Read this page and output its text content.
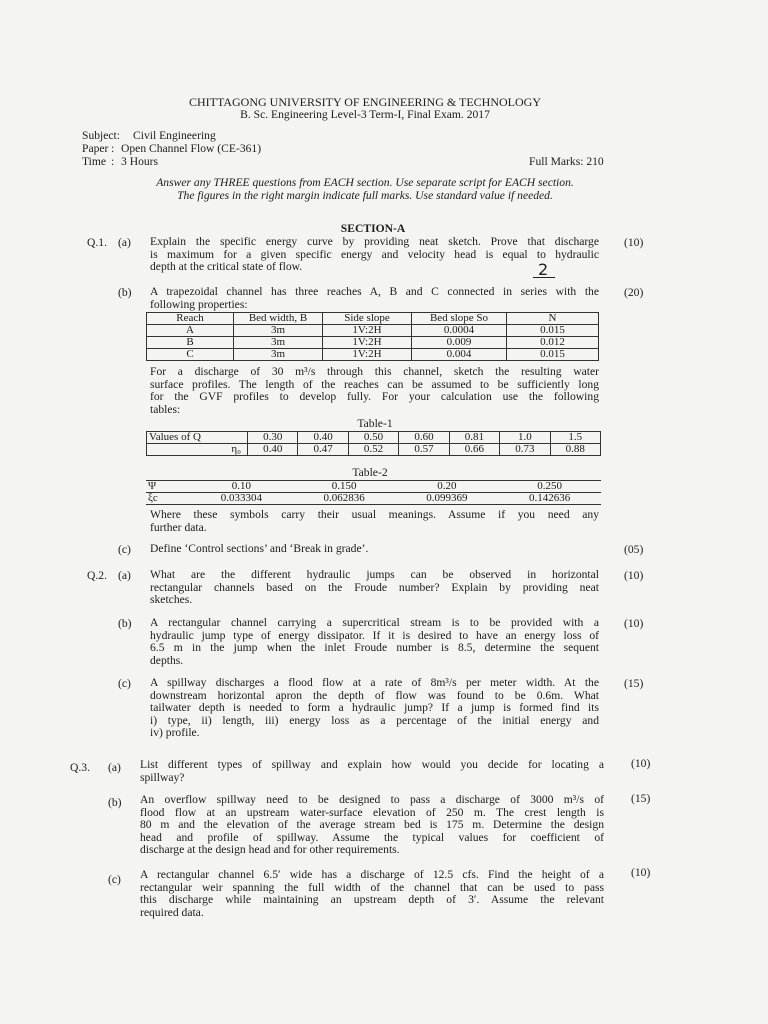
CHITTAGONG UNIVERSITY OF ENGINEERING & TECHNOLOGY
B. Sc. Engineering Level-3 Term-I, Final Exam. 2017
Subject: Civil Engineering
Paper : Open Channel Flow (CE-361)
Time : 3 Hours	Full Marks: 210
Answer any THREE questions from EACH section. Use separate script for EACH section.
The figures in the right margin indicate full marks. Use standard value if needed.
SECTION-A
Q.1. (a) Explain the specific energy curve by providing neat sketch. Prove that discharge
is maximum for a given specific energy and velocity head is equal to hydraulic
depth at the critical state of flow.
(10)
2
(b) A trapezoidal channel has three reaches A, B and C connected in series with the
following properties:
(20)
Reach	Bed width, B	Side slope	Bed slope So	N
A	3m	1V:2H	0.0004	0.015
B	3m	1V:2H	0.009	0.012
C	3m	1V:2H	0.004	0.015
For a discharge of 30 m³/s through this channel, sketch the resulting water
surface profiles. The length of the reaches can be assumed to be sufficiently long
for the GVF profiles to develop fully. For your calculation use the following
tables:
Table-1
Values of Q	0.30	0.40	0.50	0.60	0.81	1.0	1.5
η₀	0.40	0.47	0.52	0.57	0.66	0.73	0.88
Table-2
Ψ	0.10	0.150	0.20	0.250
ξc	0.033304	0.062836	0.099369	0.142636
Where these symbols carry their usual meanings. Assume if you need any
further data.
(c) Define ‘Control sections’ and ‘Break in grade’.	(05)
Q.2. (a) What are the different hydraulic jumps can be observed in horizontal
rectangular channels based on the Froude number? Explain by providing neat
sketches.
(10)
(b) A rectangular channel carrying a supercritical stream is to be provided with a
hydraulic jump type of energy dissipator. If it is desired to have an energy loss of
6.5 m in the jump when the inlet Froude number is 8.5, determine the sequent
depths.
(10)
(c) A spillway discharges a flood flow at a rate of 8m³/s per meter width. At the
downstream horizontal apron the depth of flow was found to be 0.6m. What
tailwater depth is needed to form a hydraulic jump? If a jump is formed find its
i) type, ii) length, iii) energy loss as a percentage of the initial energy and
iv) profile.
(15)
Q.3. (a) List different types of spillway and explain how would you decide for locating a
spillway?
(10)
(b) An overflow spillway need to be designed to pass a discharge of 3000 m³/s of
flood flow at an upstream water-surface elevation of 250 m. The crest length is
80 m and the elevation of the average stream bed is 175 m. Determine the design
head and profile of spillway. Assume the typical values for coefficient of
discharge at the design head and for other requirements.
(15)
(c) A rectangular channel 6.5′ wide has a discharge of 12.5 cfs. Find the height of a
rectangular weir spanning the full width of the channel that can be used to pass
this discharge while maintaining an upstream depth of 3′. Assume the relevant
required data.
(10)
